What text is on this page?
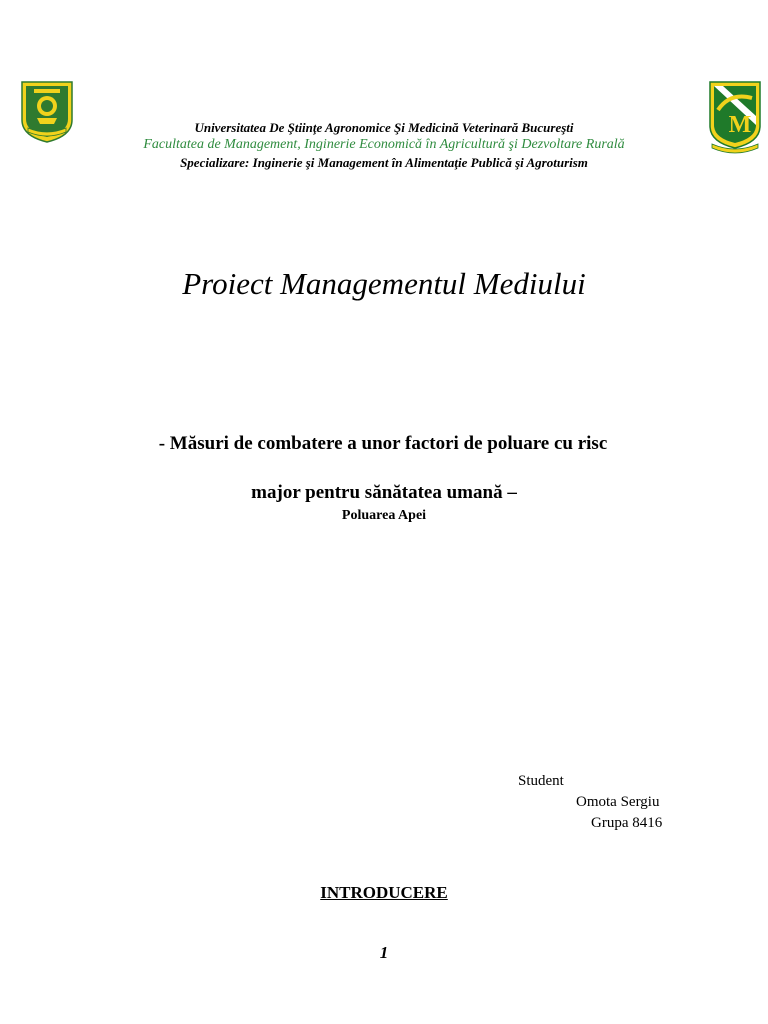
M
Universitatea De Ştiinţe Agronomice Şi Medicină Veterinară Bucureşti
Facultatea de Management, Inginerie Economică în Agricultură şi Dezvoltare Rurală
Specializare: Inginerie şi Management în Alimentaţie Publică şi Agroturism
Proiect Managementul Mediului
- Măsuri de combatere a unor factori de poluare cu risc
major pentru sănătatea umană –
Poluarea Apei
Student
Omota Sergiu
Grupa 8416
INTRODUCERE
1
